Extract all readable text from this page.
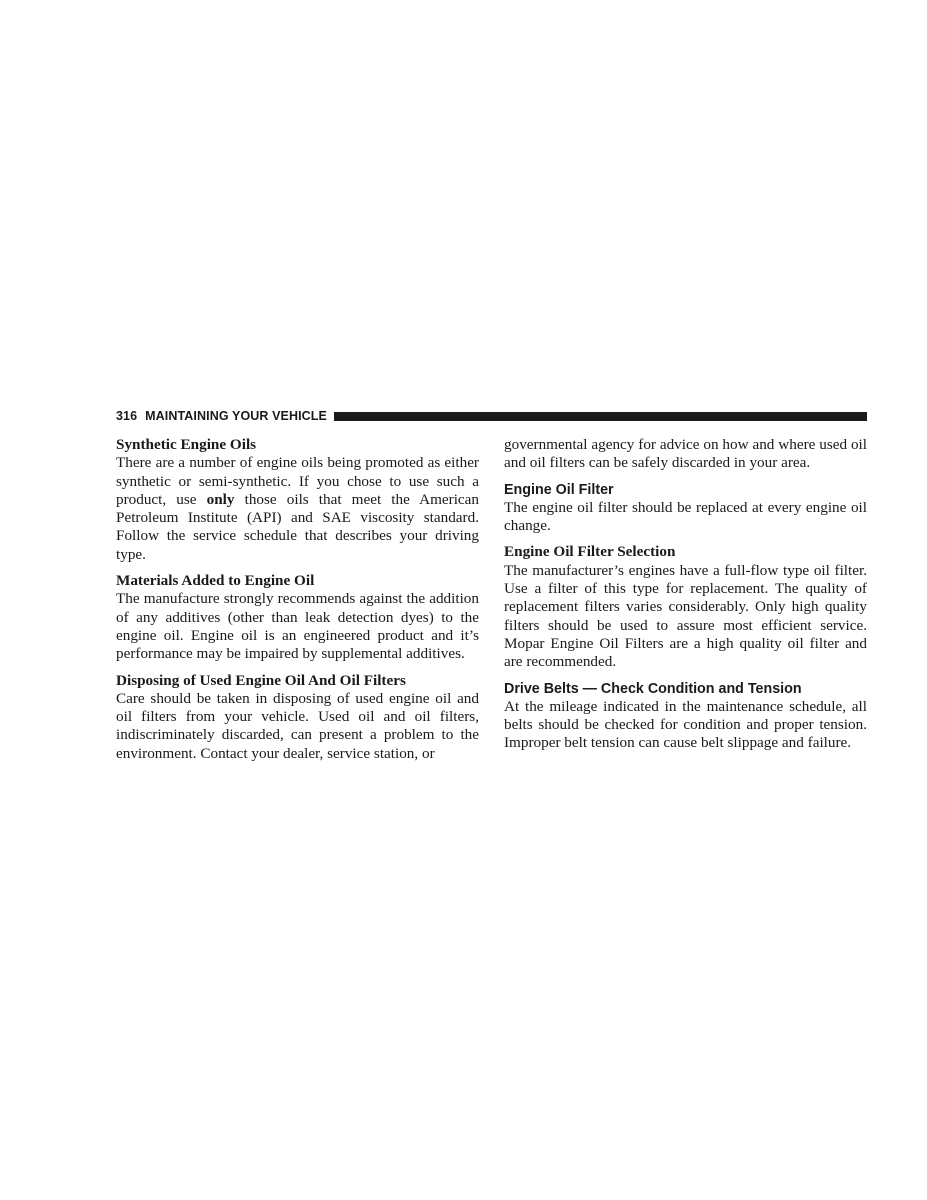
316 MAINTAINING YOUR VEHICLE
Synthetic Engine Oils

There are a number of engine oils being promoted as either synthetic or semi-synthetic. If you chose to use such a product, use only those oils that meet the American Petroleum Institute (API) and SAE viscosity standard. Follow the service schedule that describes your driving type.

Materials Added to Engine Oil

The manufacture strongly recommends against the addition of any additives (other than leak detection dyes) to the engine oil. Engine oil is an engineered product and it’s performance may be impaired by supplemental additives.

Disposing of Used Engine Oil And Oil Filters

Care should be taken in disposing of used engine oil and oil filters from your vehicle. Used oil and oil filters, indiscriminately discarded, can present a problem to the environment. Contact your dealer, service station, or

governmental agency for advice on how and where used oil and oil filters can be safely discarded in your area.

Engine Oil Filter

The engine oil filter should be replaced at every engine oil change.

Engine Oil Filter Selection

The manufacturer’s engines have a full-flow type oil filter. Use a filter of this type for replacement. The quality of replacement filters varies considerably. Only high quality filters should be used to assure most efficient service. Mopar Engine Oil Filters are a high quality oil filter and are recommended.

Drive Belts — Check Condition and Tension

At the mileage indicated in the maintenance schedule, all belts should be checked for condition and proper tension. Improper belt tension can cause belt slippage and failure.
